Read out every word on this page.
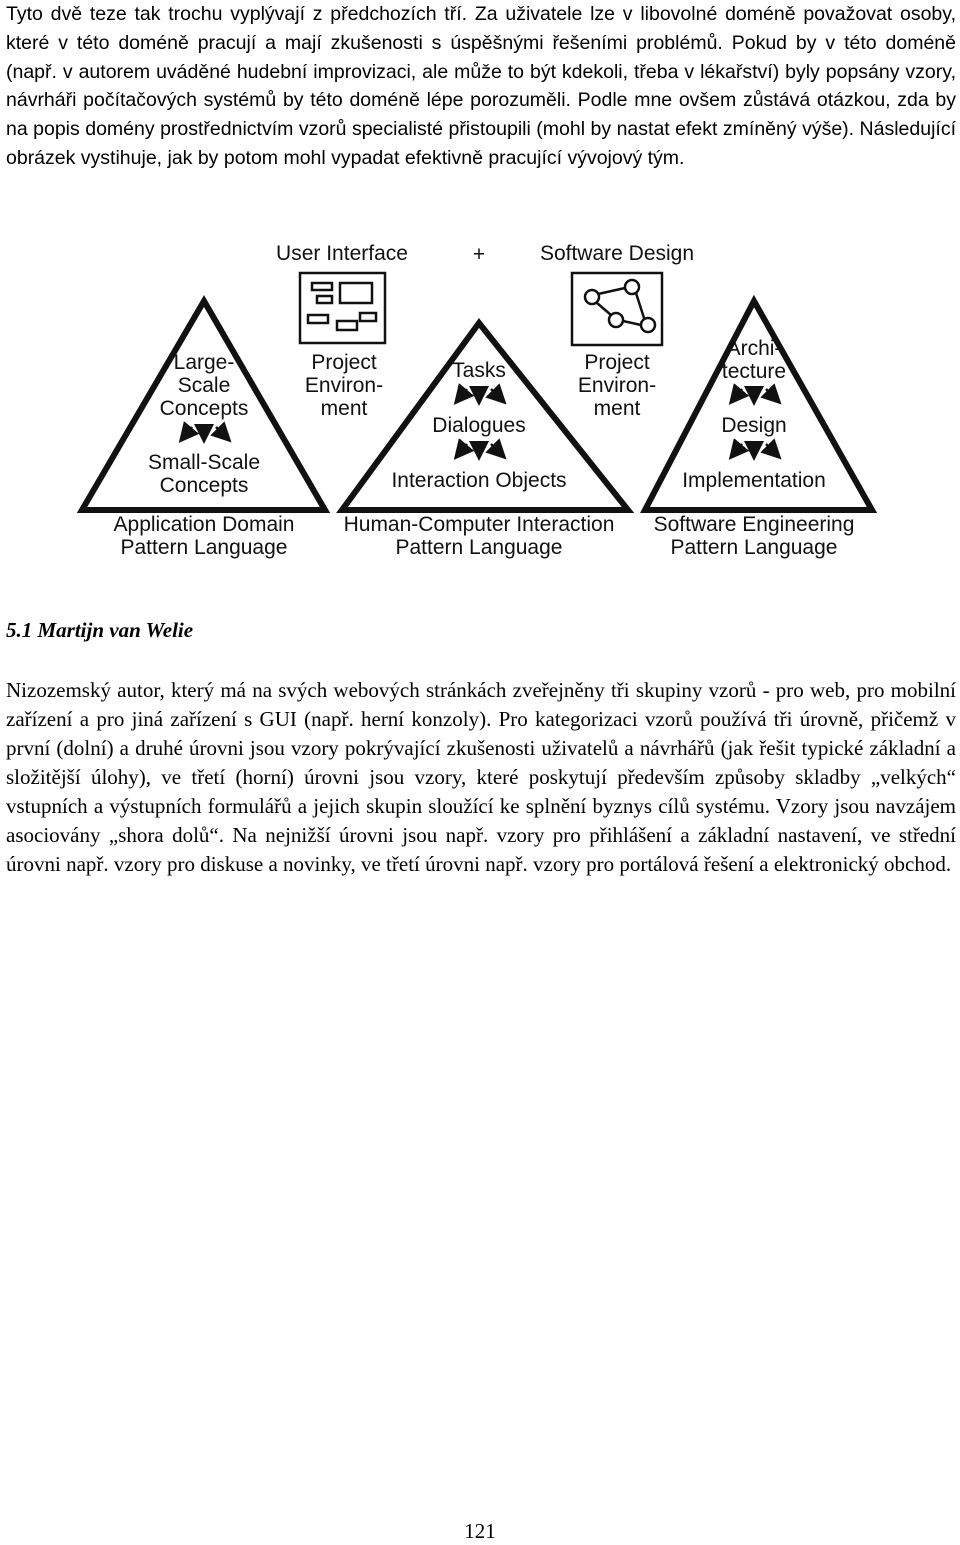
Tyto dvě teze tak trochu vyplývají z předchozích tří. Za uživatele lze v libovolné doméně považovat osoby, které v této doméně pracují a mají zkušenosti s úspěšnými řešeními problémů. Pokud by v této doméně (např. v autorem uváděné hudební improvizaci, ale může to být kdekoli, třeba v lékařství) byly popsány vzory, návrháři počítačových systémů by této doméně lépe porozuměli. Podle mne ovšem zůstává otázkou, zda by na popis domény prostřednictvím vzorů specialisté přistoupili (mohl by nastat efekt zmíněný výše). Následující obrázek vystihuje, jak by potom mohl vypadat efektivně pracující vývojový tým.

User Interface	+	Software Design
Large-
Scale
Concepts
Small-Scale
Concepts
Project
Environ-
ment
Tasks
Dialogues
Interaction Objects
Project
Environ-
ment
Archi-
tecture
Design
Implementation
Application Domain
Pattern Language
Human-Computer Interaction
Pattern Language
Software Engineering
Pattern Language
5.1 Martijn van Welie

Nizozemský autor, který má na svých webových stránkách zveřejněny tři skupiny vzorů - pro web, pro mobilní zařízení a pro jiná zařízení s GUI (např. herní konzoly). Pro kategorizaci vzorů používá tři úrovně, přičemž v první (dolní) a druhé úrovni jsou vzory pokrývající zkušenosti uživatelů a návrhářů (jak řešit typické základní a složitější úlohy), ve třetí (horní) úrovni jsou vzory, které poskytují především způsoby skladby „velkých“ vstupních a výstupních formulářů a jejich skupin sloužící ke splnění byznys cílů systému. Vzory jsou navzájem asociovány „shora dolů“. Na nejnižší úrovni jsou např. vzory pro přihlášení a základní nastavení, ve střední úrovni např. vzory pro diskuse a novinky, ve třetí úrovni např. vzory pro portálová řešení a elektronický obchod.

121
